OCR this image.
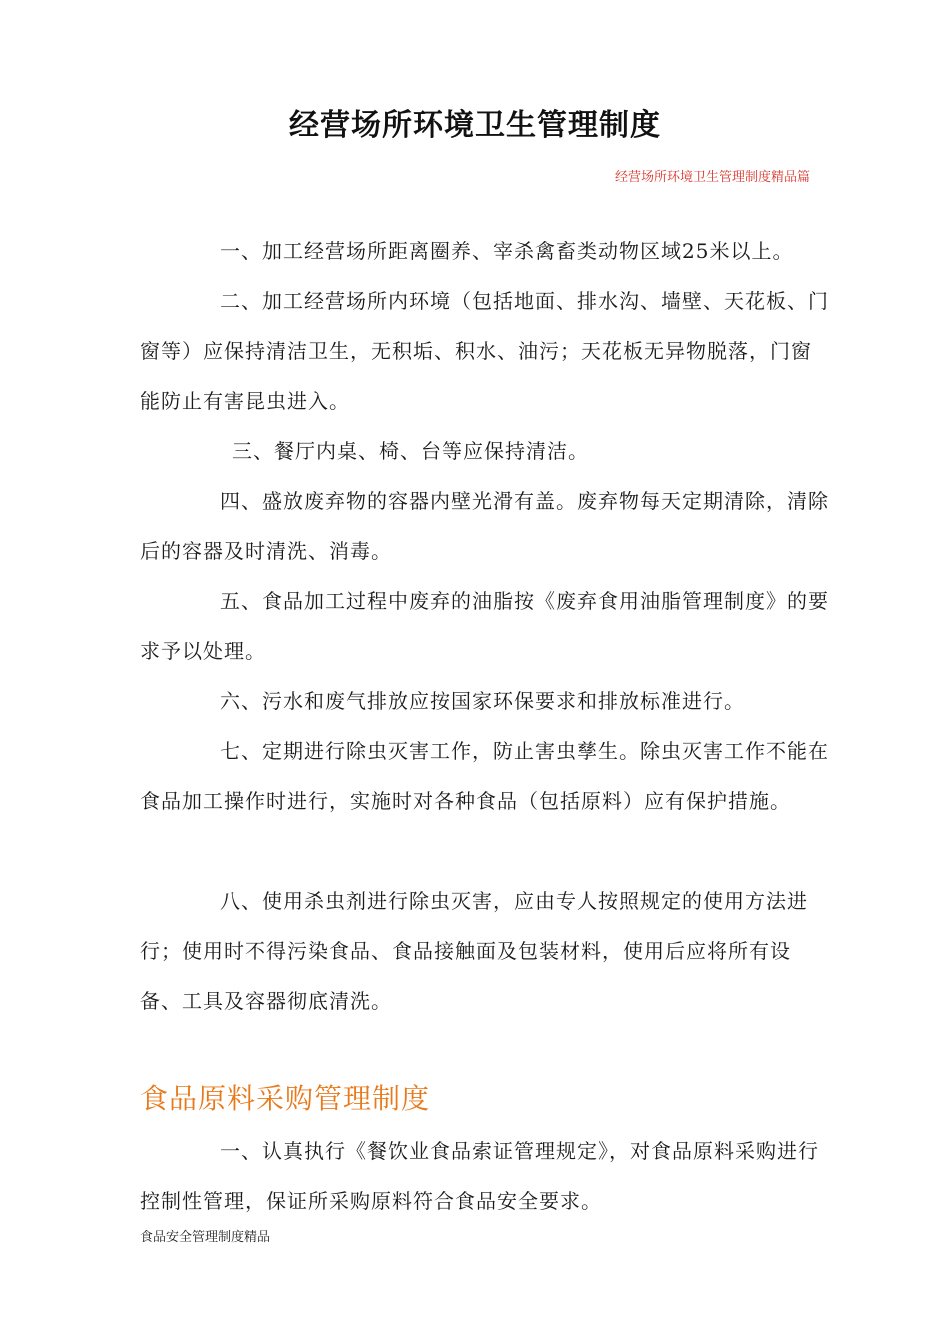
经营场所环境卫生管理制度
经营场所环境卫生管理制度精品篇

一、加工经营场所距离圈养、宰杀禽畜类动物区域25米以上。

二、加工经营场所内环境（包括地面、排水沟、墙壁、天花板、门窗等）应保持清洁卫生，无积垢、积水、油污；天花板无异物脱落，门窗能防止有害昆虫进入。

三、餐厅内桌、椅、台等应保持清洁。

四、盛放废弃物的容器内壁光滑有盖。废弃物每天定期清除，清除后的容器及时清洗、消毒。

五、食品加工过程中废弃的油脂按《废弃食用油脂管理制度》的要求予以处理。

六、污水和废气排放应按国家环保要求和排放标准进行。

七、定期进行除虫灭害工作，防止害虫孳生。除虫灭害工作不能在食品加工操作时进行，实施时对各种食品（包括原料）应有保护措施。

八、使用杀虫剂进行除虫灭害，应由专人按照规定的使用方法进行；使用时不得污染食品、食品接触面及包装材料，使用后应将所有设备、工具及容器彻底清洗。

食品原料采购管理制度

一、认真执行《餐饮业食品索证管理规定》，对食品原料采购进行控制性管理，保证所采购原料符合食品安全要求。

食品安全管理制度精品
